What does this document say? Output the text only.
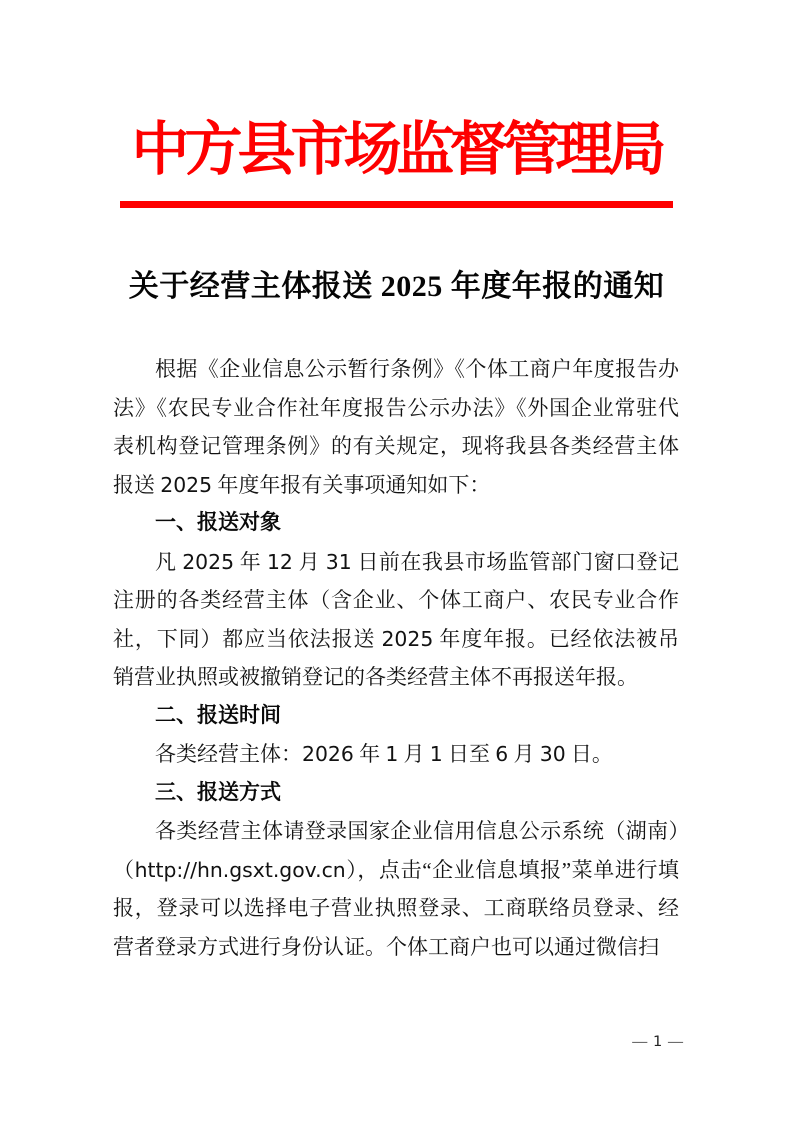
中方县市场监督管理局
关于经营主体报送 2025 年度年报的通知

根据《企业信息公示暂行条例》《个体工商户年度报告办法》《农民专业合作社年度报告公示办法》《外国企业常驻代表机构登记管理条例》的有关规定，现将我县各类经营主体报送 2025 年度年报有关事项通知如下：

一、报送对象

凡 2025 年 12 月 31 日前在我县市场监管部门窗口登记注册的各类经营主体（含企业、个体工商户、农民专业合作社，下同）都应当依法报送 2025 年度年报。已经依法被吊销营业执照或被撤销登记的各类经营主体不再报送年报。

二、报送时间

各类经营主体：2026 年 1 月 1 日至 6 月 30 日。

三、报送方式

各类经营主体请登录国家企业信用信息公示系统（湖南）（http://hn.gsxt.gov.cn），点击“企业信息填报”菜单进行填报，登录可以选择电子营业执照登录、工商联络员登录、经营者登录方式进行身份认证。个体工商户也可以通过微信扫

— 1 —
